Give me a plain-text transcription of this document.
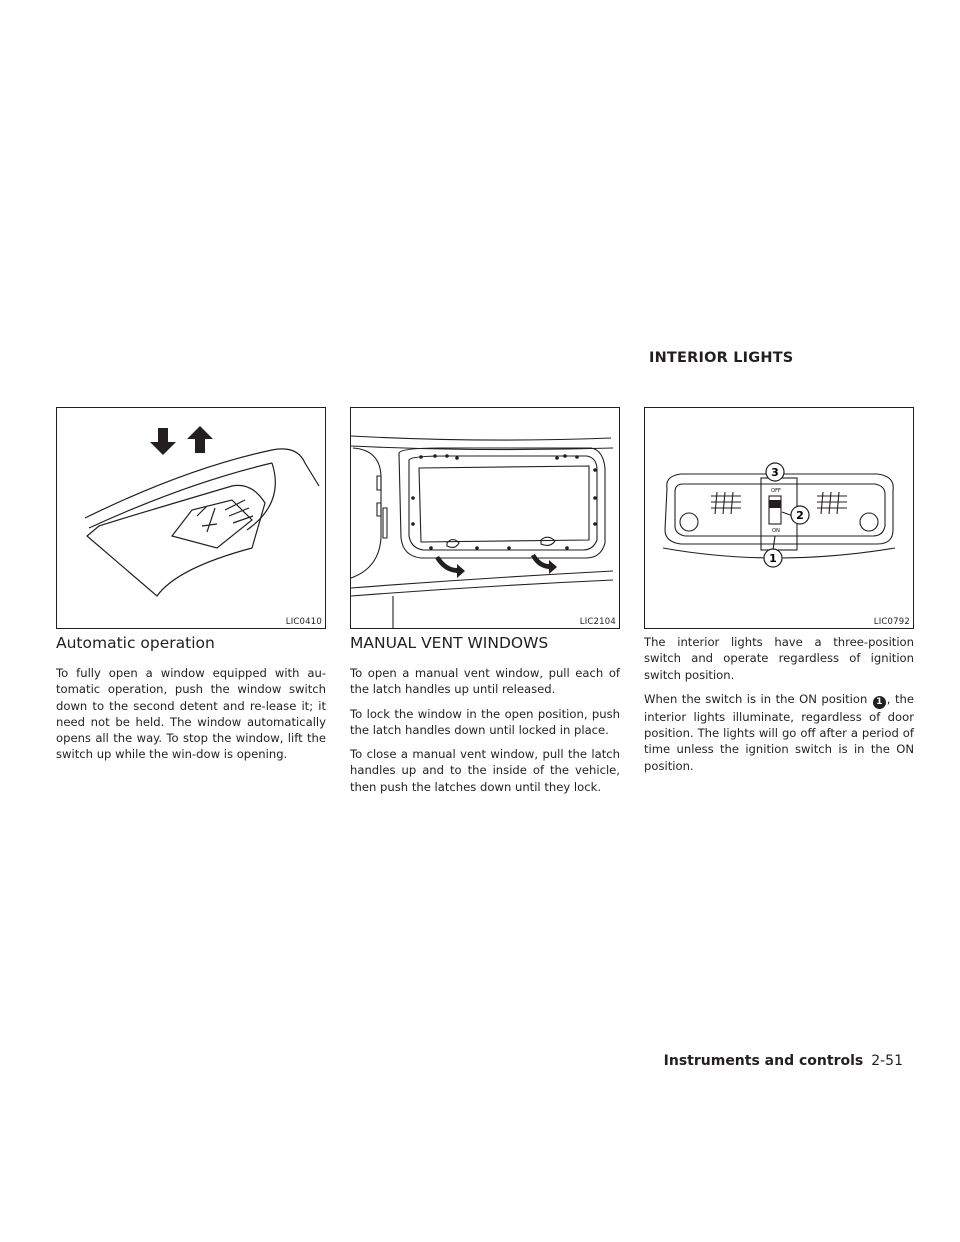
INTERIOR LIGHTS
LIC0410	LIC2104
3
2
1
OFF
ON
LIC0792
Automatic operation

To fully open a window equipped with au-tomatic operation, push the window switch down to the second detent and re-lease it; it need not be held. The window automatically opens all the way. To stop the window, lift the switch up while the win-dow is opening.

MANUAL VENT WINDOWS

To open a manual vent window, pull each of the latch handles up until released.

To lock the window in the open position, push the latch handles down until locked in place.

To close a manual vent window, pull the latch handles up and to the inside of the vehicle, then push the latches down until they lock.

The interior lights have a three-position switch and operate regardless of ignition switch position.

When the switch is in the ON position 1 , the interior lights illuminate, regardless of door position. The lights will go off after a period of time unless the ignition switch is in the ON position.

Instruments and controls 2-51
